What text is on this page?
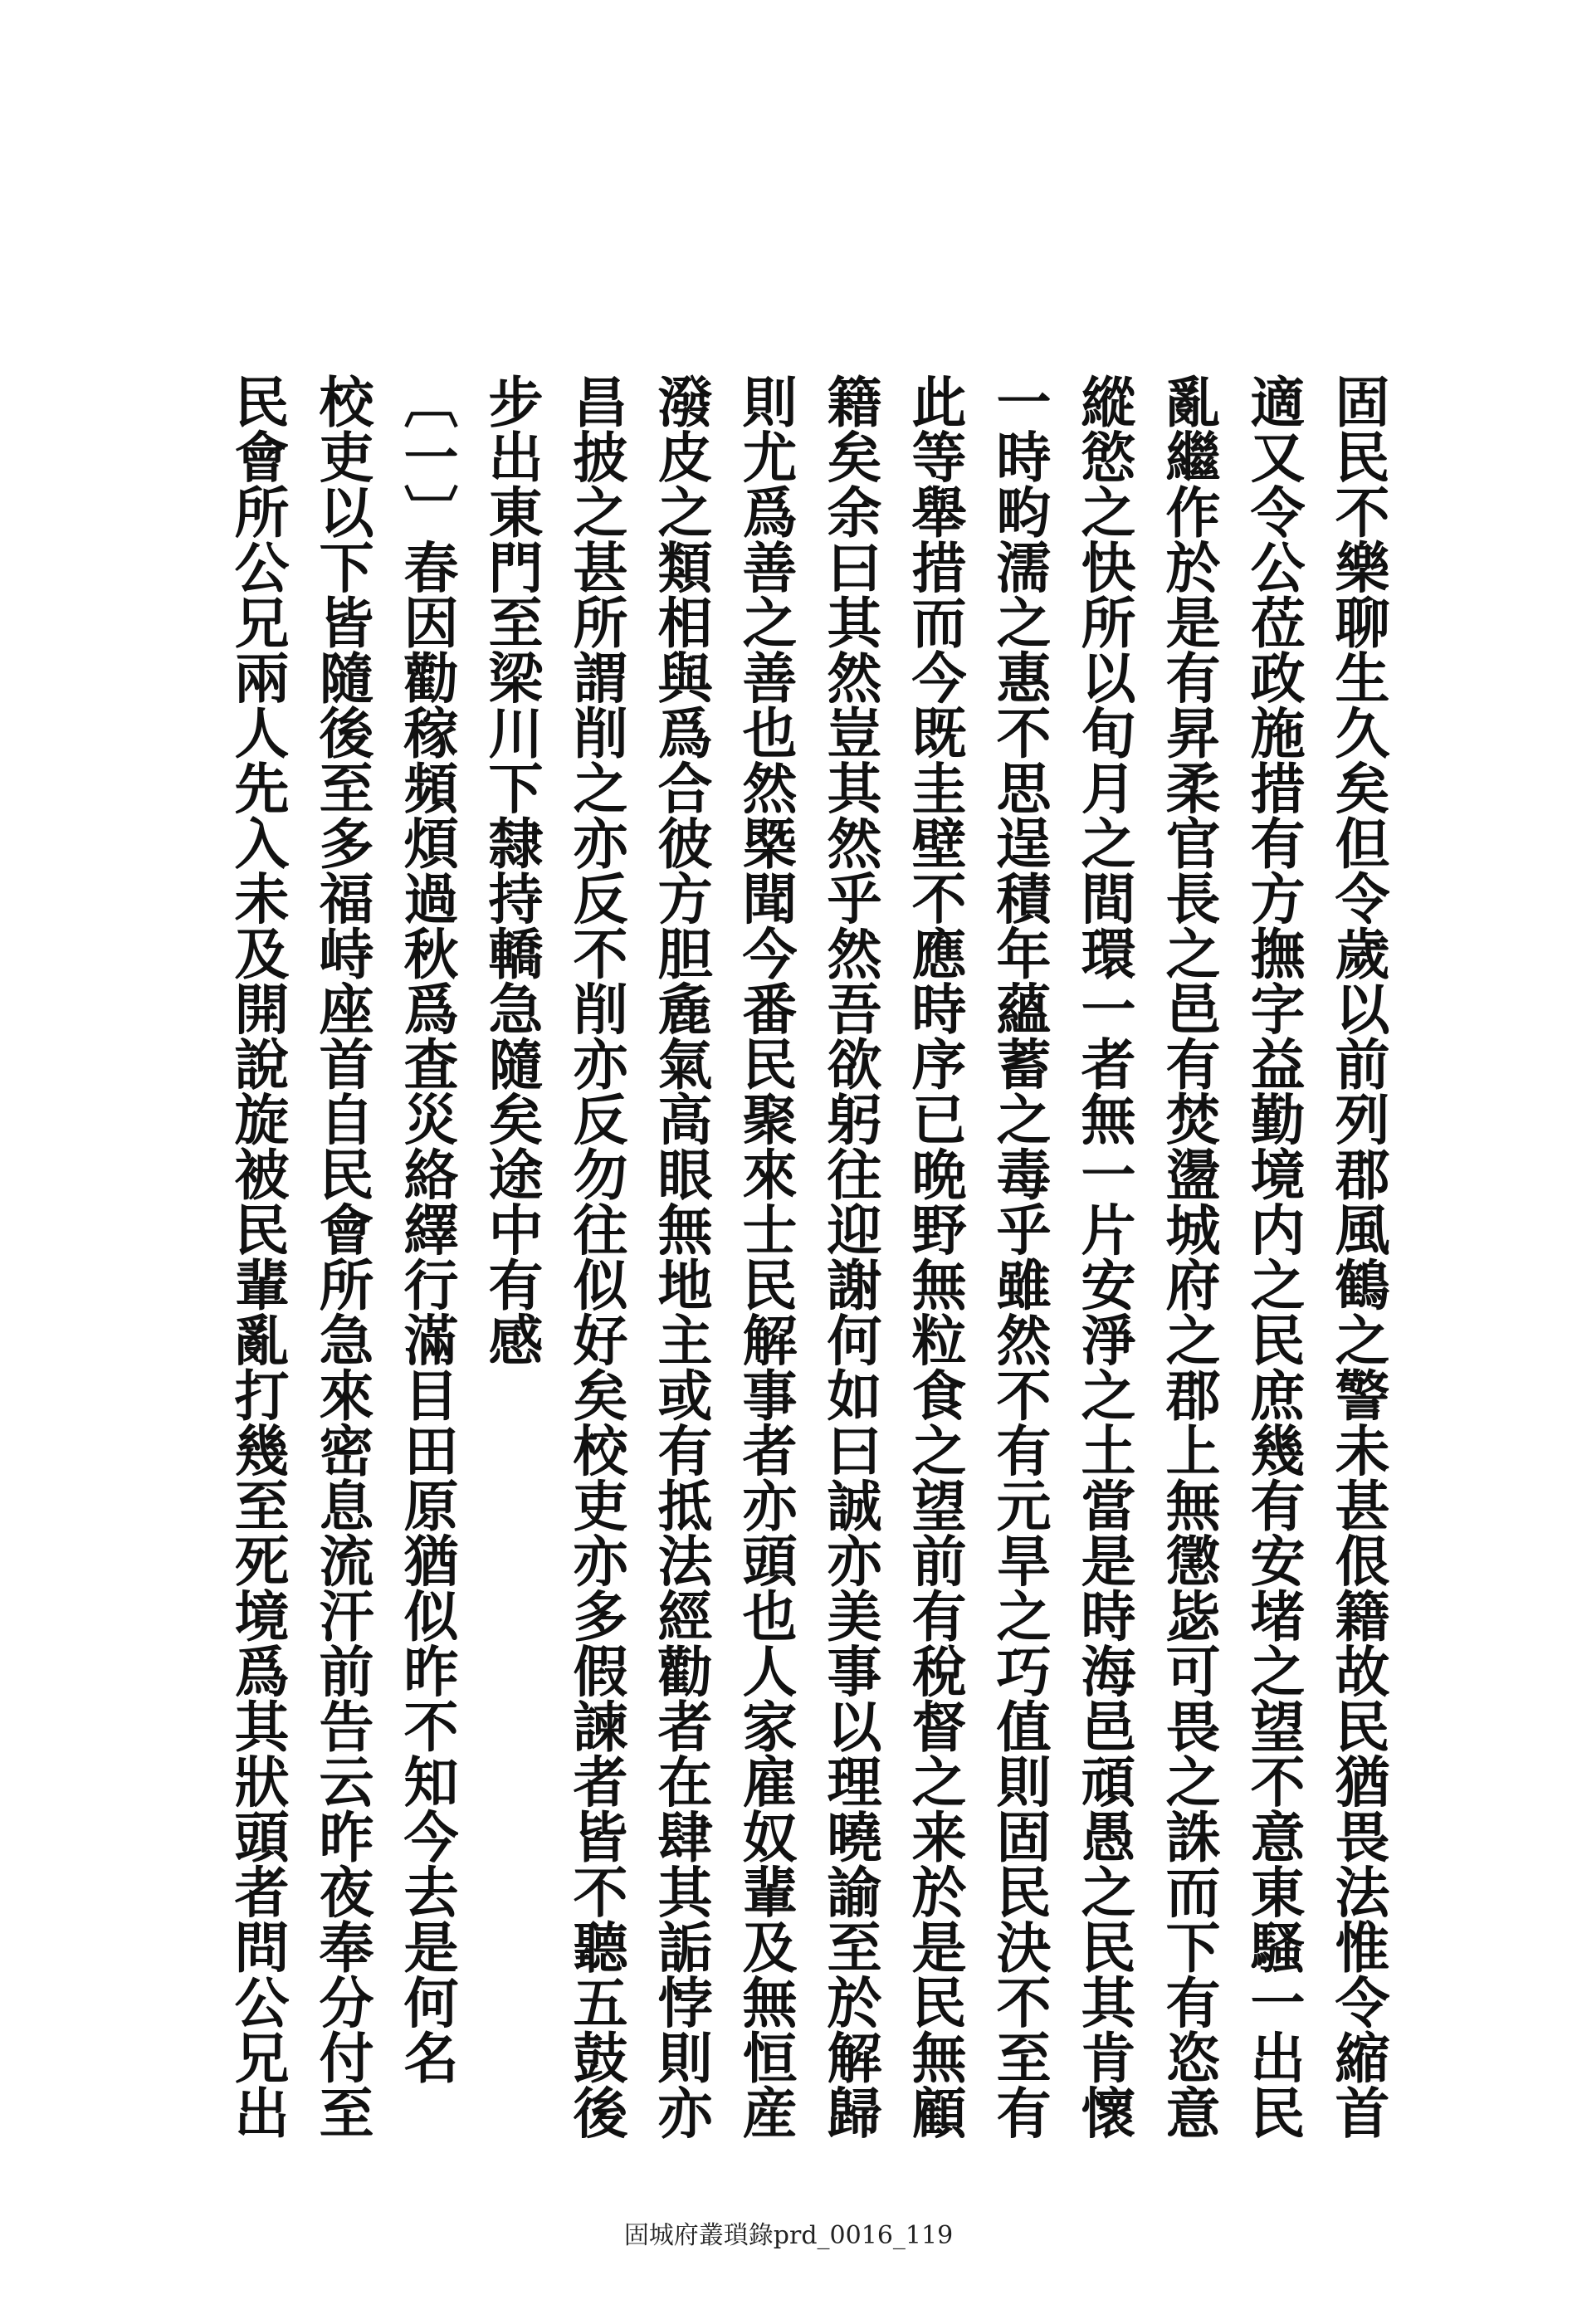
固民不樂聊生久矣但令歲以前列郡風鶴之警未甚佷籍故民猶畏法惟令縮首
適又令公莅政施措有方撫字益勤境内之民庶幾有安堵之望不意東騷一出民
亂繼作於是有昇柔官長之邑有焚盪城府之郡上無懲毖可畏之誅而下有恣意
縱慾之快所以旬月之間環一者無一片安淨之土當是時海邑頑愚之民其肯懷
一時畇濡之惠不思逞積年蘊蓄之毒乎雖然不有元旱之巧值則固民決不至有
此等舉措而今既圭壁不應時序已晩野無粒食之望前有稅督之来於是民無顧
籍矣余曰其然豈其然乎然吾欲躬往迎謝何如曰誠亦美事以理曉諭至於解歸
則尤爲善之善也然槩聞今番民聚來士民解事者亦頭也人家雇奴輩及無恒産
潑皮之類相與爲合彼方胆麁氣高眼無地主或有抵法經勸者在肆其詬悖則亦
昌披之甚所謂削之亦反不削亦反勿往似好矣校吏亦多假諫者皆不聽五鼓後
步出東門至梁川下隸持轎急隨矣途中有感
〔一〕春因勸稼頻煩過秋爲査災絡繹行滿目田原猶似昨不知今去是何名
校吏以下皆隨後至多福峙座首自民會所急來密息流汗前告云昨夜奉分付至
民會所公兄兩人先入未及開說旋被民輩亂打幾至死境爲其狀頭者問公兄出
固城府叢瑣錄prd_0016_119
